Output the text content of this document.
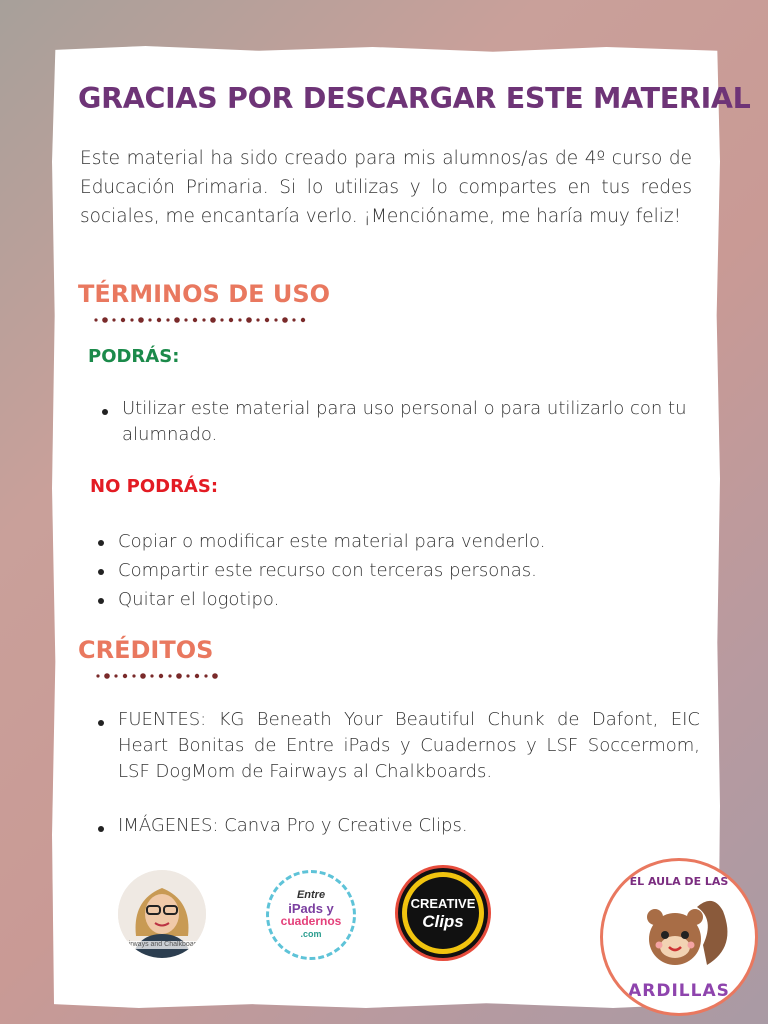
GRACIAS POR DESCARGAR ESTE MATERIAL

Este material ha sido creado para mis alumnos/as de 4º curso de Educación Primaria. Si lo utilizas y lo compartes en tus redes sociales, me encantaría verlo. ¡Menciónamе, me haría muy feliz!

TÉRMINOS DE USO
PODRÁS:
Utilizar este material para uso personal o para utilizarlo con tu alumnado.
NO PODRÁS:
Copiar o modificar este material para venderlo.
Compartir este recurso con terceras personas.
Quitar el logotipo.
CRÉDITOS
FUENTES: KG Beneath Your Beautiful Chunk de Dafont, EIC Heart Bonitas de Entre iPads y Cuadernos y LSF Soccermom, LSF DogMom de Fairways al Chalkboards.
IMÁGENES: Canva Pro y Creative Clips.
Fairways and Chalkboards
Entre
iPads y
cuadernos
.com
CREATIVE
Clips
EL AULA DE LAS
ARDILLAS
